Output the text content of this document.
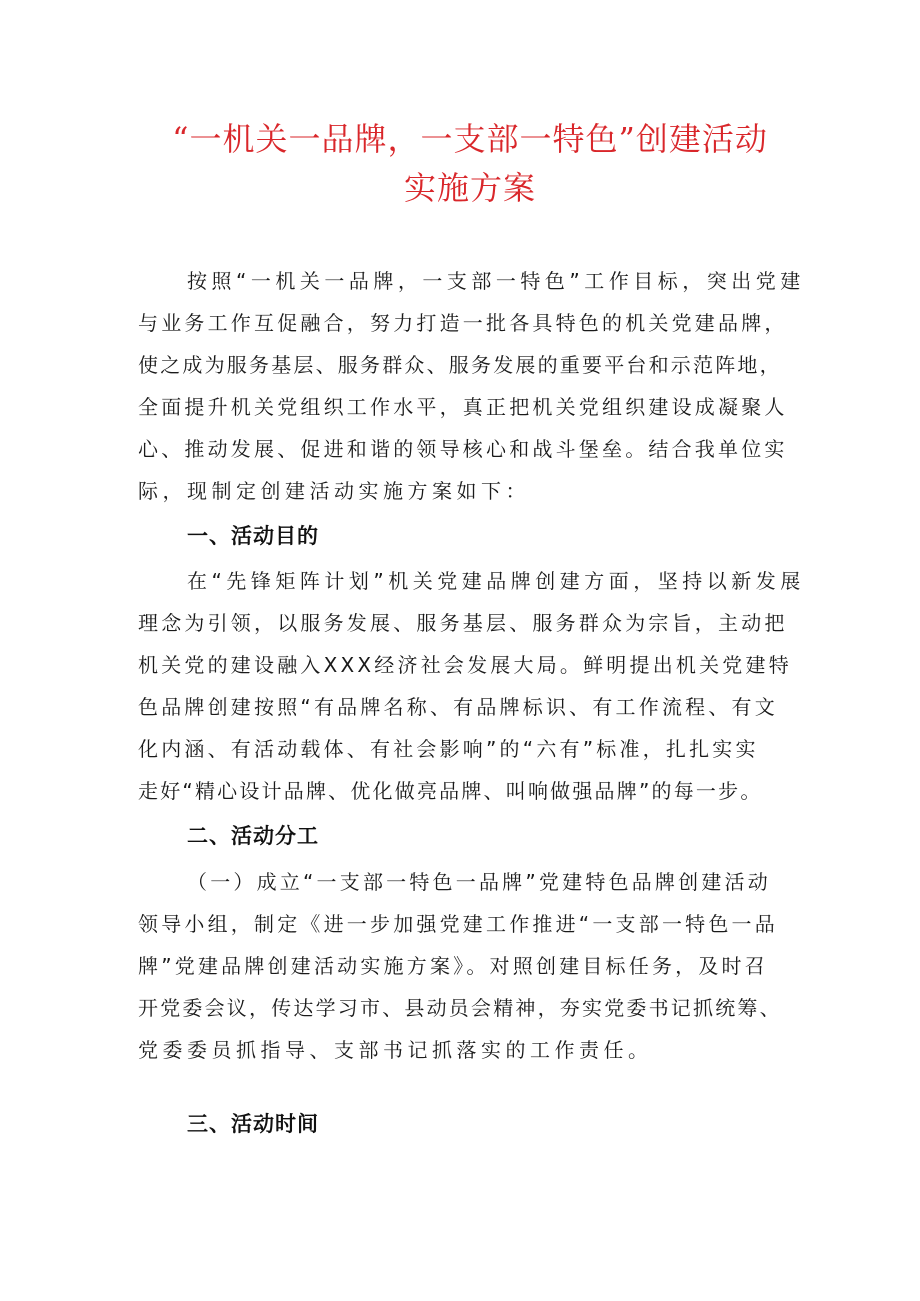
“一机关一品牌，一支部一特色”创建活动
实施方案
按照“一机关一品牌，一支部一特色”工作目标，突出党建
与业务工作互促融合，努力打造一批各具特色的机关党建品牌，
使之成为服务基层、服务群众、服务发展的重要平台和示范阵地，
全面提升机关党组织工作水平，真正把机关党组织建设成凝聚人
心、推动发展、促进和谐的领导核心和战斗堡垒。结合我单位实
际，现制定创建活动实施方案如下：
一、活动目的
在“先锋矩阵计划”机关党建品牌创建方面，坚持以新发展
理念为引领，以服务发展、服务基层、服务群众为宗旨，主动把
机关党的建设融入XXX经济社会发展大局。鲜明提出机关党建特
色品牌创建按照“有品牌名称、有品牌标识、有工作流程、有文
化内涵、有活动载体、有社会影响”的“六有”标准，扎扎实实
走好“精心设计品牌、优化做亮品牌、叫响做强品牌”的每一步。
二、活动分工
（一）成立“一支部一特色一品牌”党建特色品牌创建活动
领导小组，制定《进一步加强党建工作推进“一支部一特色一品
牌”党建品牌创建活动实施方案》。对照创建目标任务，及时召
开党委会议，传达学习市、县动员会精神，夯实党委书记抓统筹、
党委委员抓指导、支部书记抓落实的工作责任。
三、活动时间
